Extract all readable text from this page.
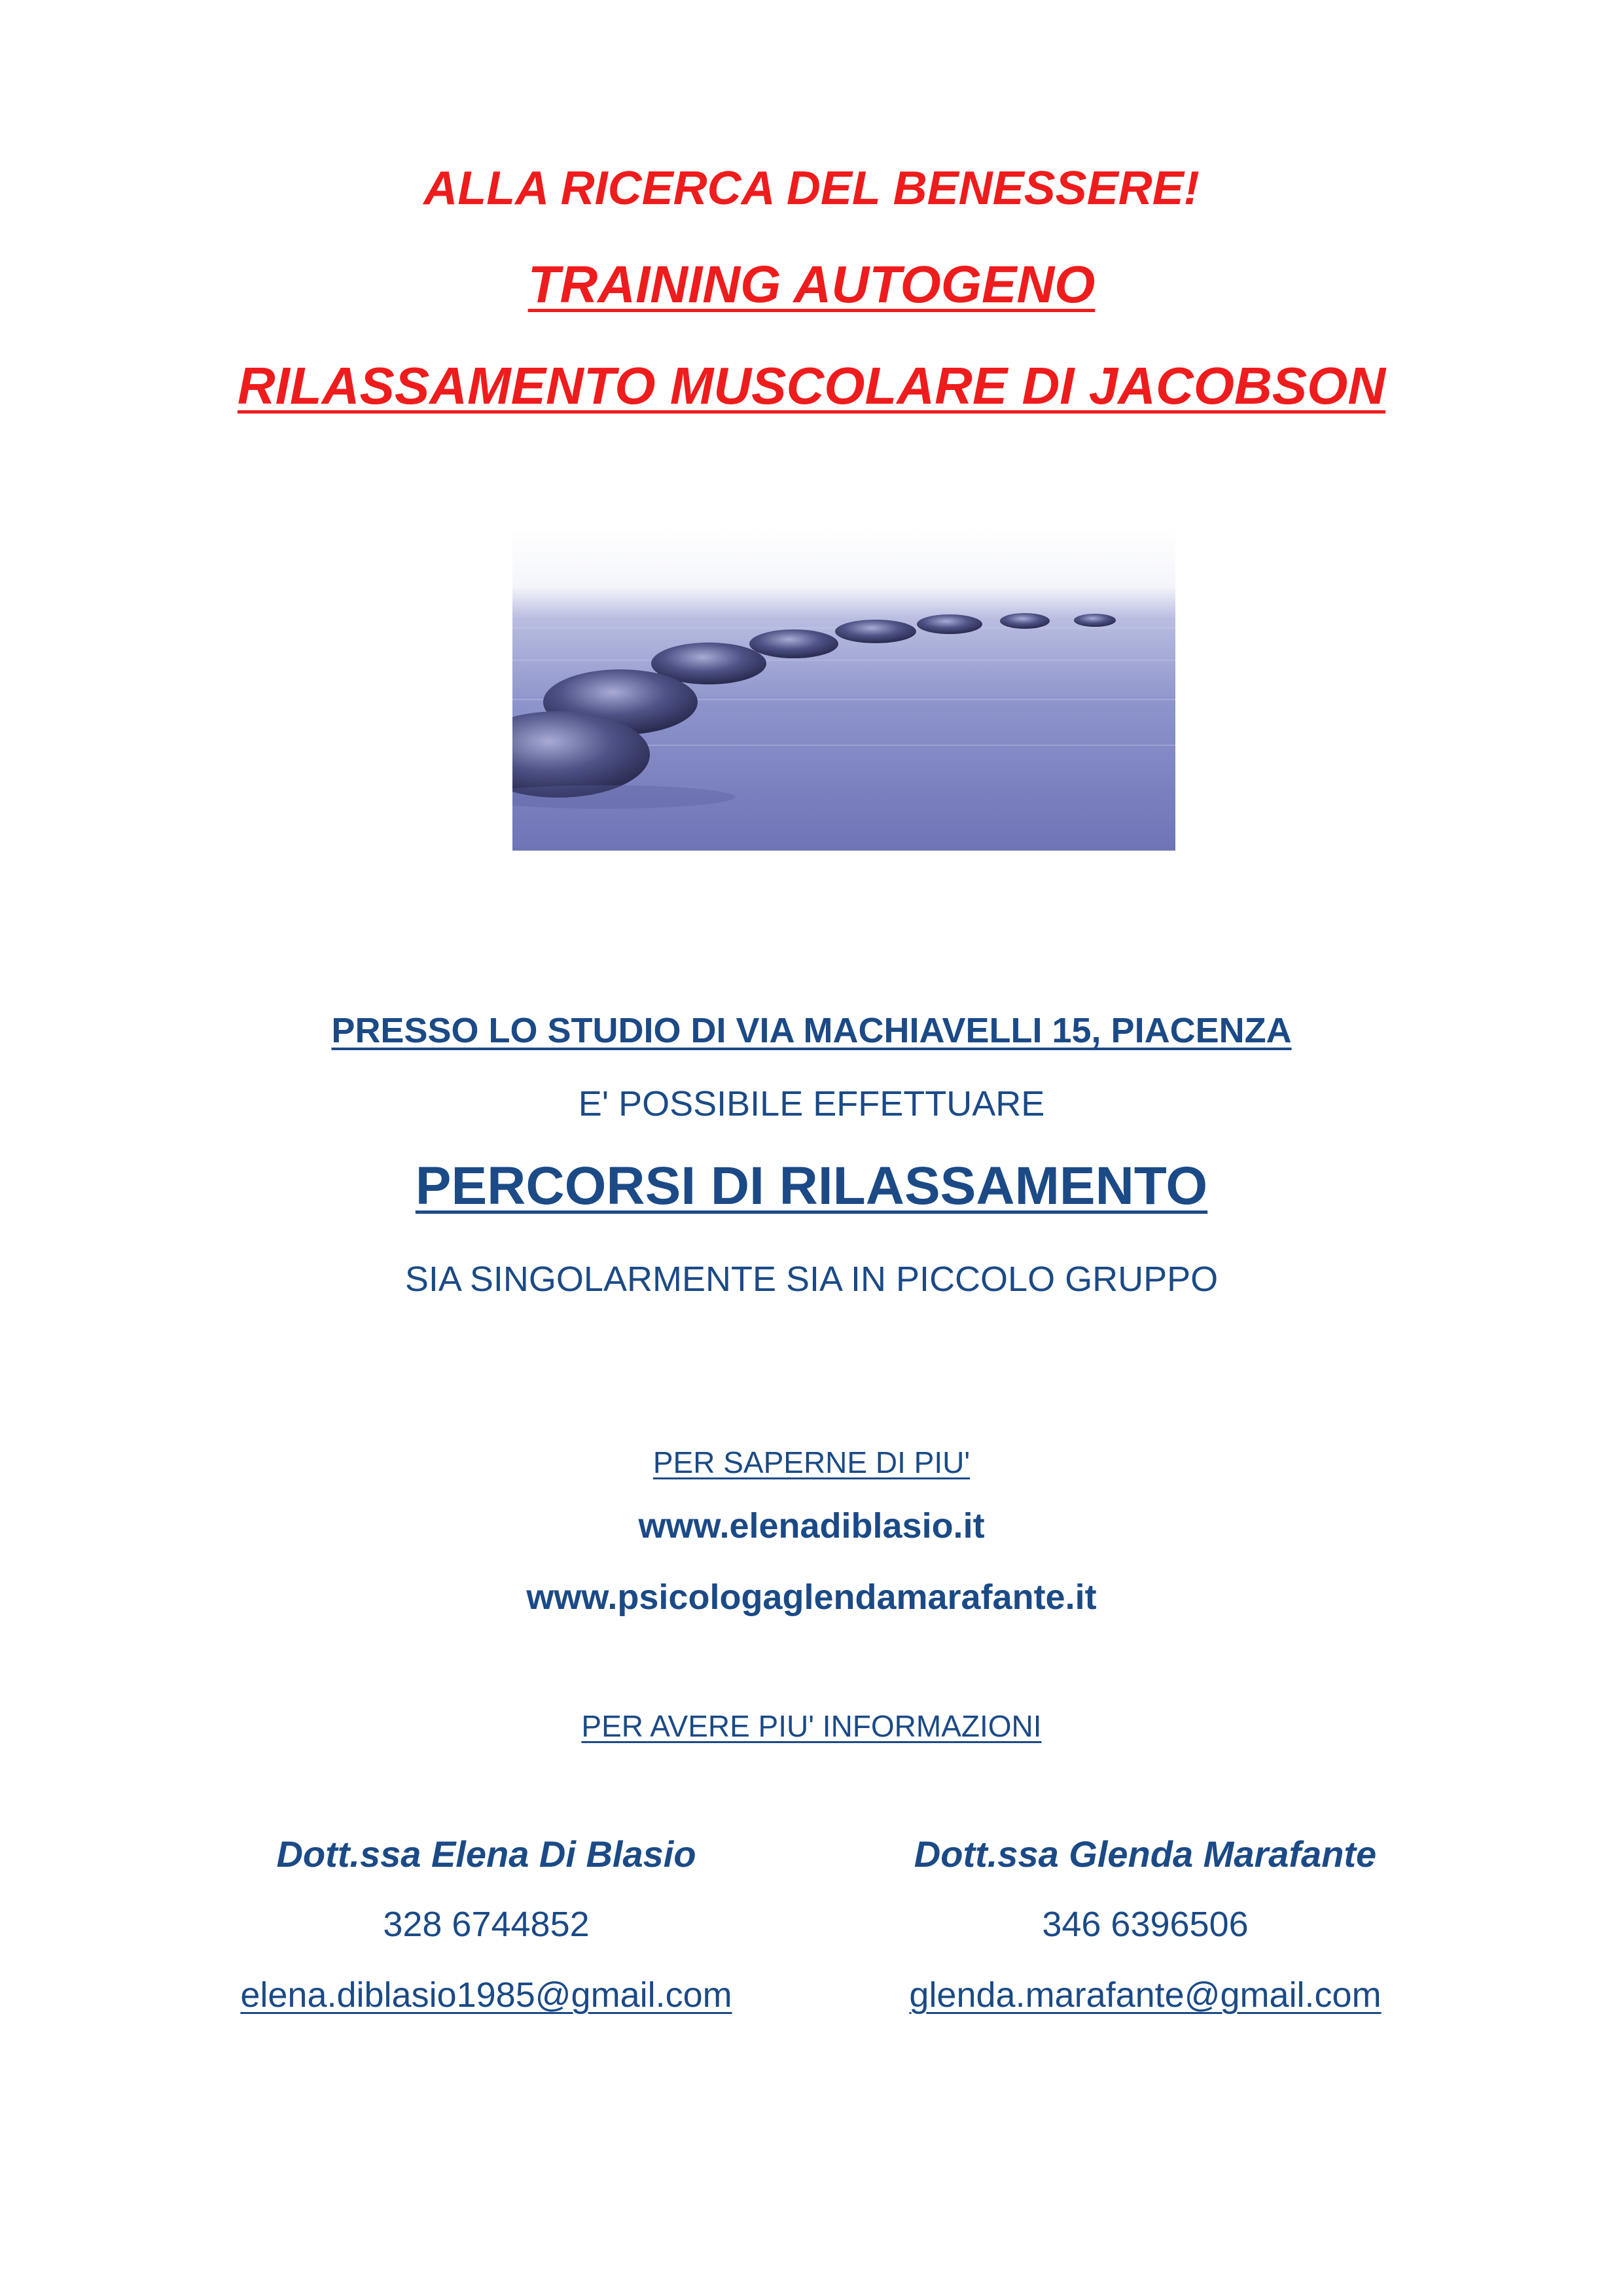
ALLA RICERCA DEL BENESSERE!
TRAINING AUTOGENO
RILASSAMENTO MUSCOLARE DI JACOBSON
PRESSO LO STUDIO DI VIA MACHIAVELLI 15, PIACENZA
E' POSSIBILE EFFETTUARE
PERCORSI DI RILASSAMENTO
SIA SINGOLARMENTE SIA IN PICCOLO GRUPPO
PER SAPERNE DI PIU'
www.elenadiblasio.it
www.psicologaglendamarafante.it
PER AVERE PIU' INFORMAZIONI
Dott.ssa Elena Di Blasio
328 6744852
elena.diblasio1985@gmail.com
Dott.ssa Glenda Marafante
346 6396506
glenda.marafante@gmail.com
